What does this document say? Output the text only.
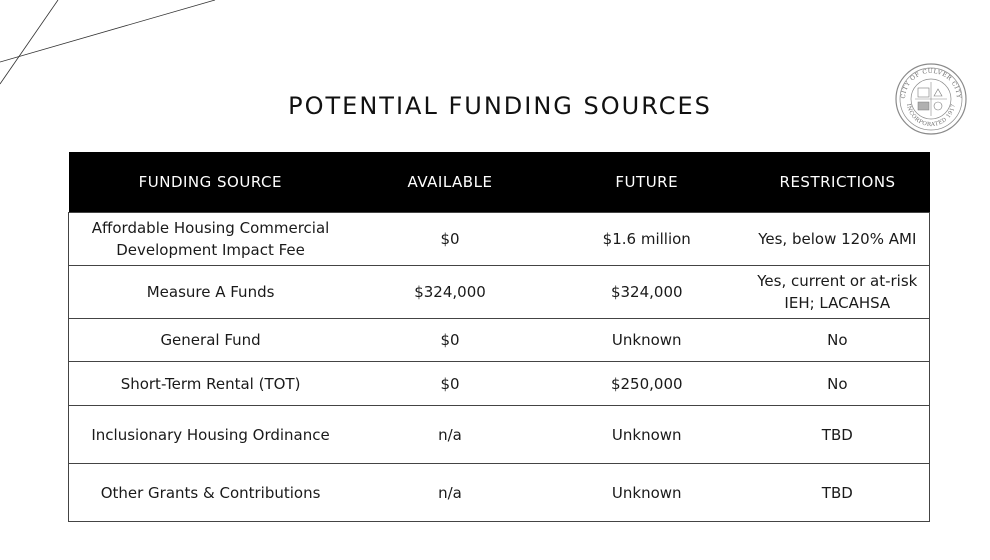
CITY OF CULVER CITY
INCORPORATED 1917
POTENTIAL FUNDING SOURCES
FUNDING SOURCE	AVAILABLE	FUTURE	RESTRICTIONS
Affordable Housing Commercial Development Impact Fee	$0	$1.6 million	Yes, below 120% AMI
Measure A Funds	$324,000	$324,000	Yes, current or at-risk IEH; LACAHSA
General Fund	$0	Unknown	No
Short-Term Rental (TOT)	$0	$250,000	No
Inclusionary Housing Ordinance	n/a	Unknown	TBD
Other Grants & Contributions	n/a	Unknown	TBD
